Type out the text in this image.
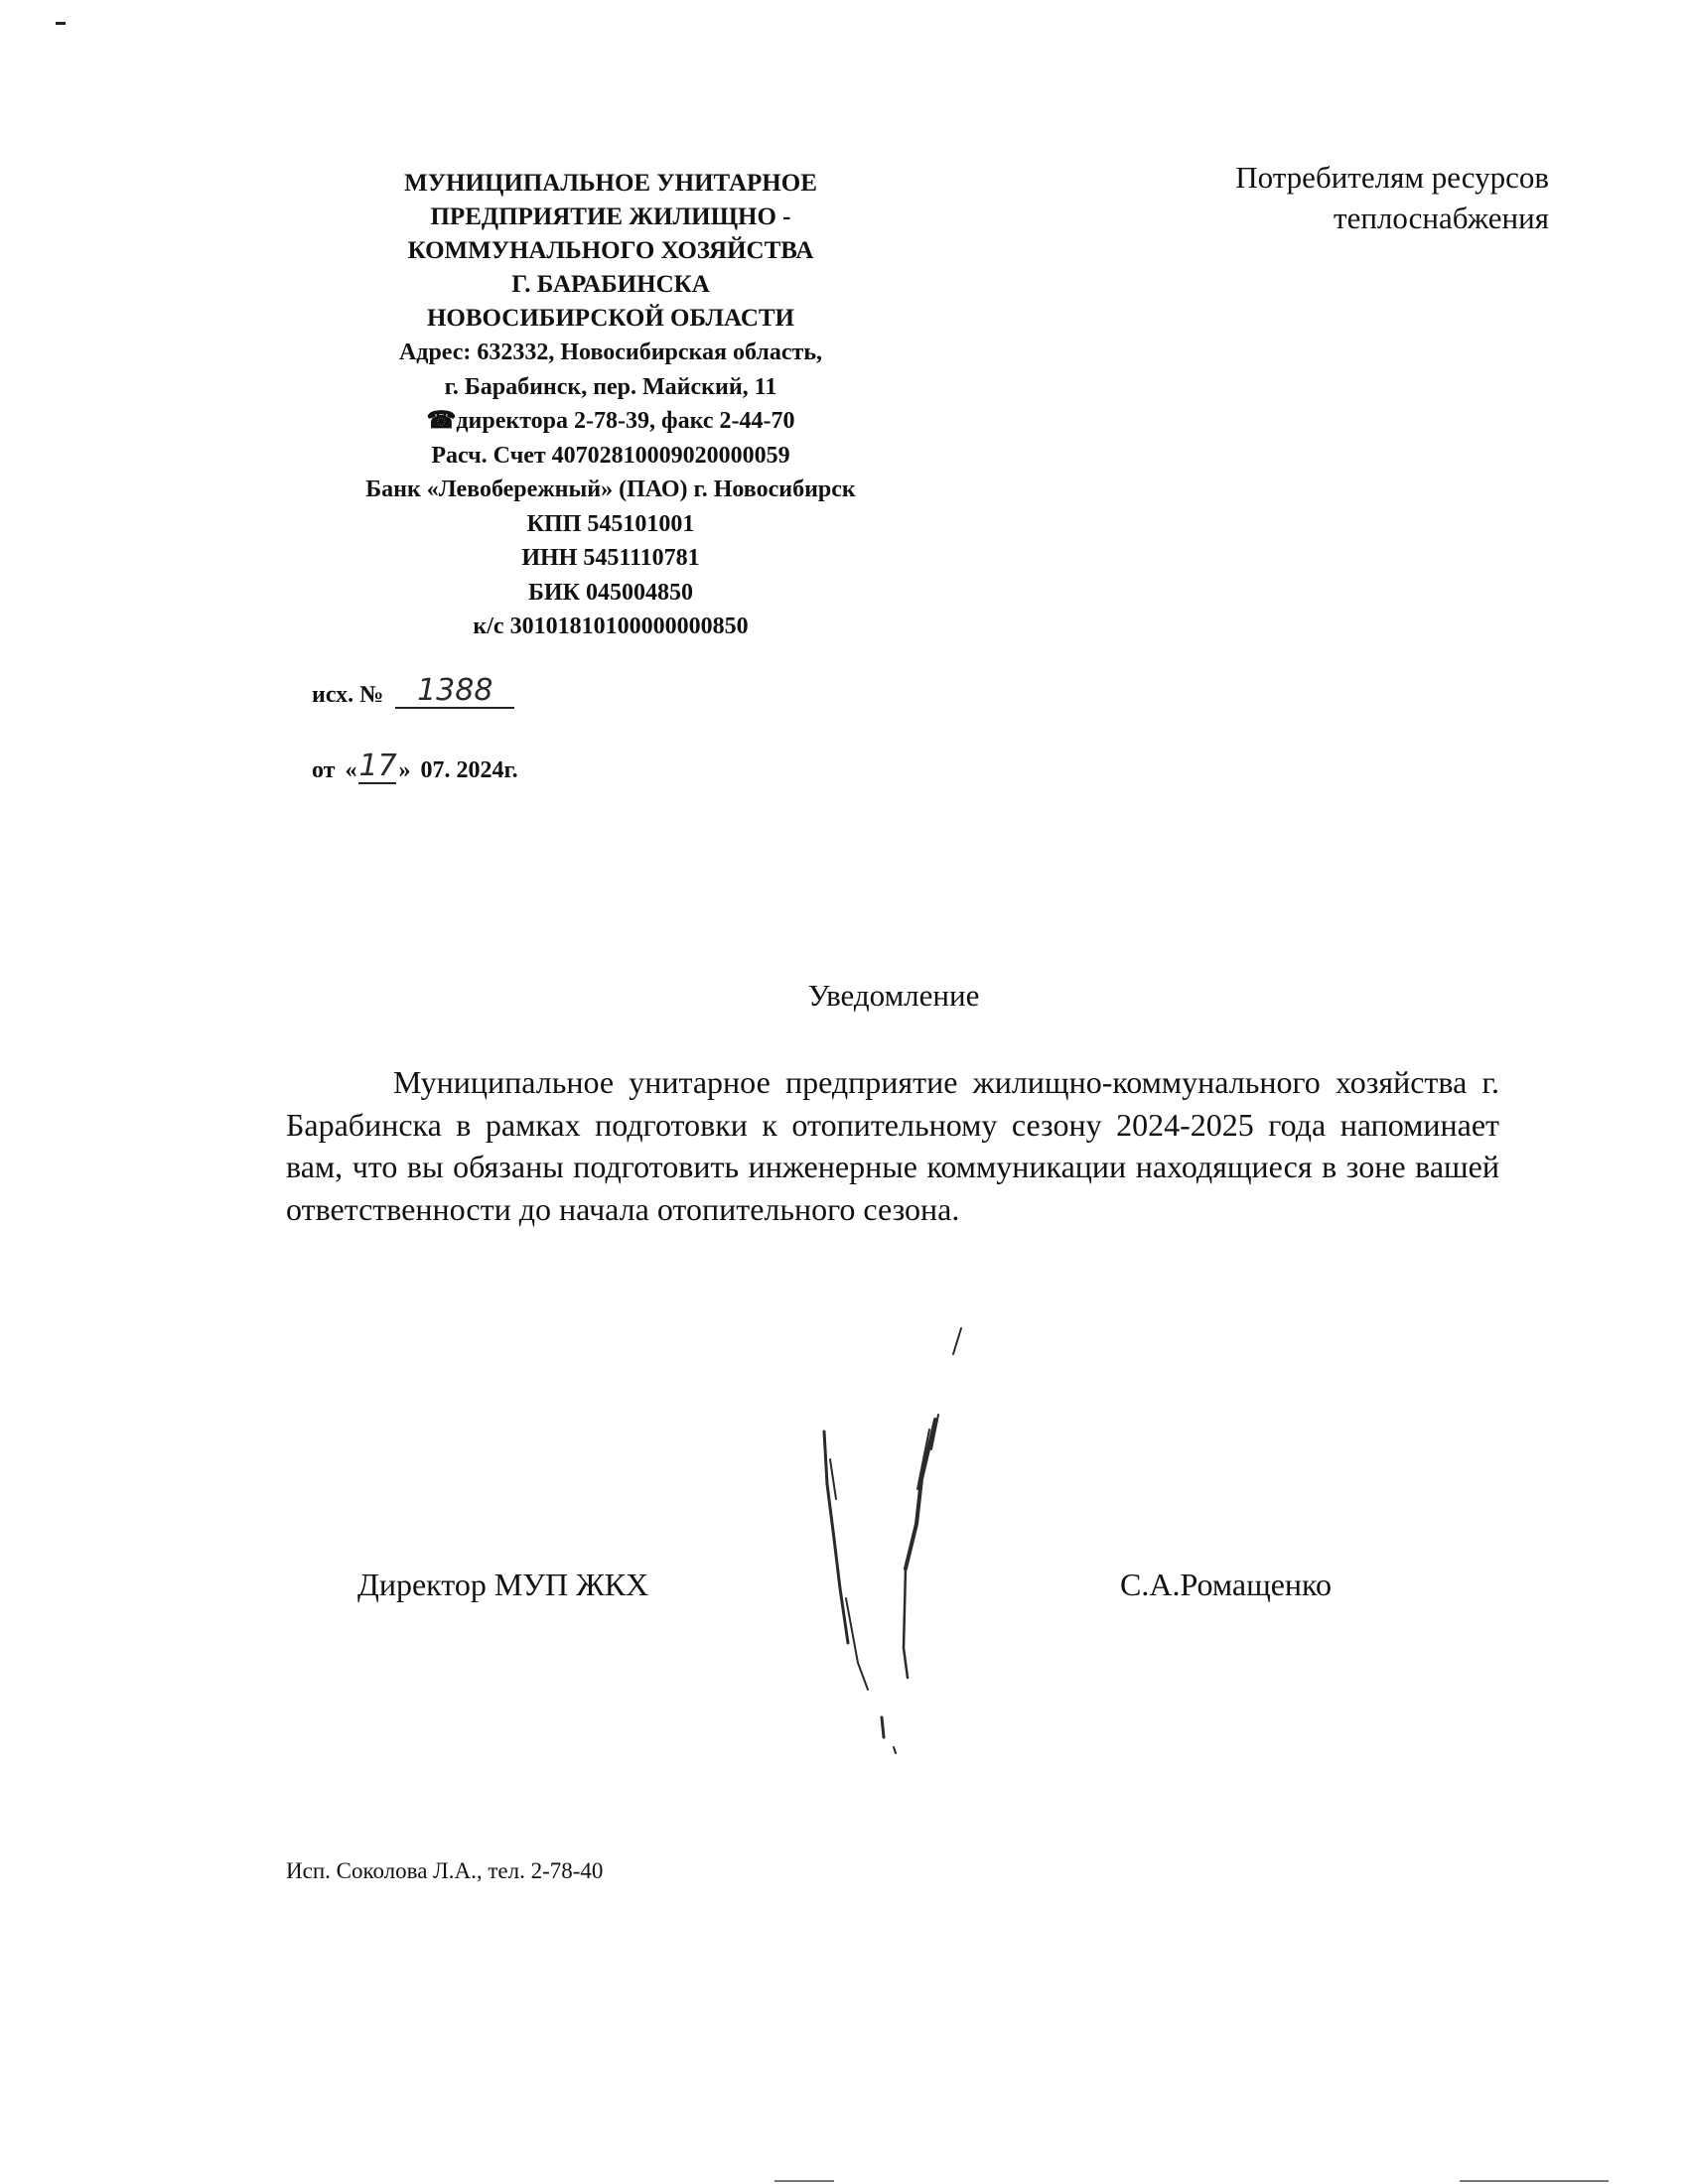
МУНИЦИПАЛЬНОЕ УНИТАРНОЕ
ПРЕДПРИЯТИЕ ЖИЛИЩНО -
КОММУНАЛЬНОГО ХОЗЯЙСТВА
Г. БАРАБИНСКА
НОВОСИБИРСКОЙ ОБЛАСТИ
Адрес: 632332, Новосибирская область,
г. Барабинск, пер. Майский, 11
☎директора 2-78-39, факс 2-44-70
Расч. Счет 40702810009020000059
Банк «Левобережный» (ПАО) г. Новосибирск
КПП 545101001
ИНН 5451110781
БИК 045004850
к/с 30101810100000000850
Потребителям ресурсов
теплоснабжения
исх. №	1388
от « 17 » 07. 2024г.
Уведомление
Муниципальное унитарное предприятие жилищно-коммунального хозяйства г. Барабинска в рамках подготовки к отопительному сезону 2024-2025 года напоминает вам, что вы обязаны подготовить инженерные коммуникации находящиеся в зоне вашей ответственности до начала отопительного сезона.
Директор МУП ЖКХ	С.А.Ромащенко
Исп. Соколова Л.А., тел. 2-78-40
